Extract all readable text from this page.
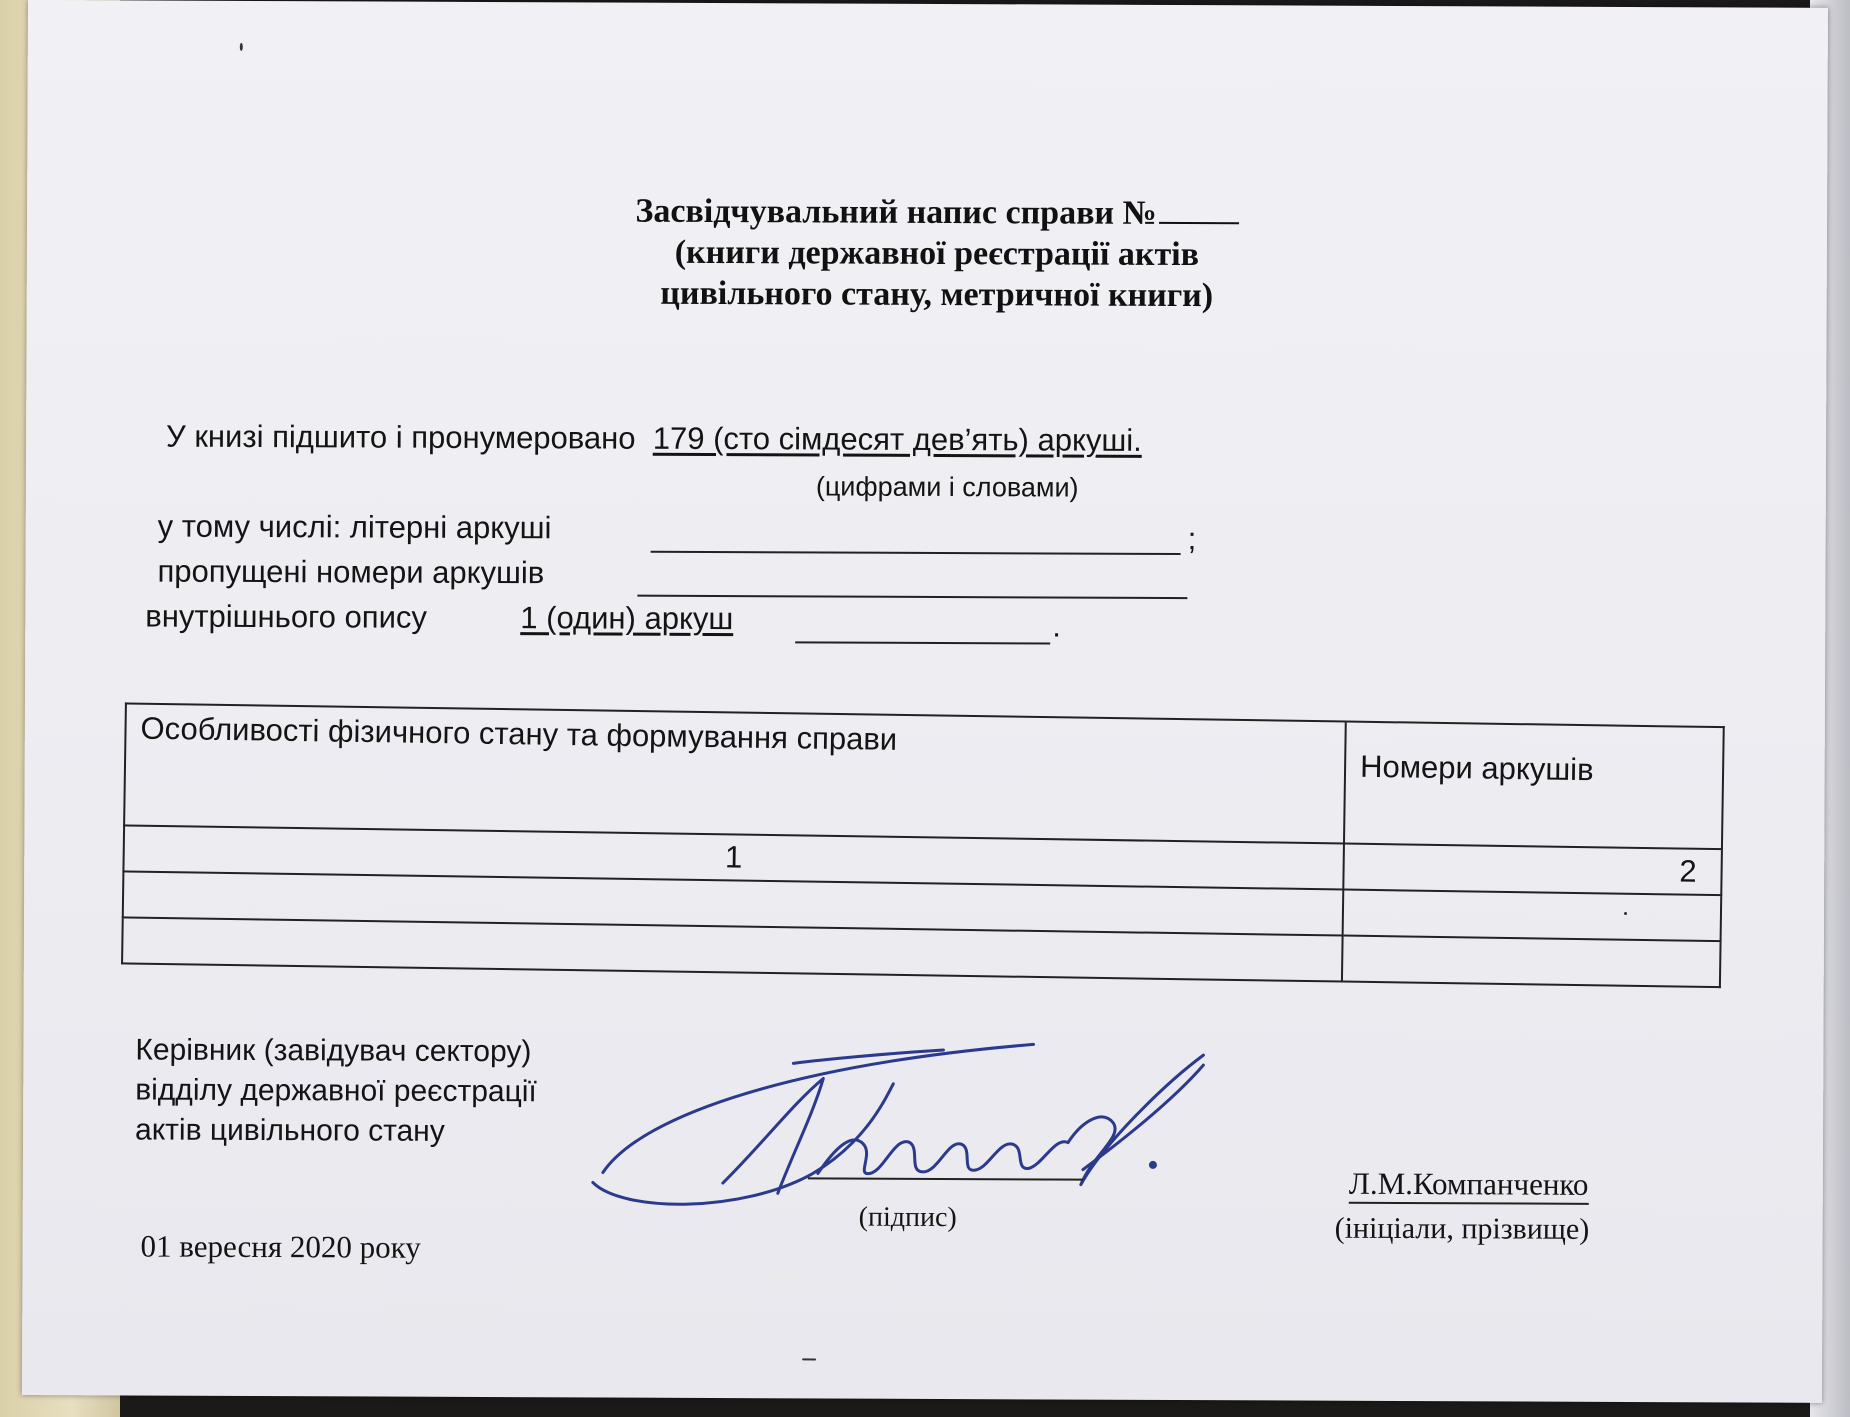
Засвідчувальний напис справи №
(книги державної реєстрації актів
цивільного стану, метричної книги)
У книзі підшито і пронумеровано 179 (сто сімдесят дев’ять) аркуші.
(цифрами і словами)
у тому числі: літерні аркуші	;
пропущені номери аркушів
внутрішнього опису	1 (один) аркуш	.
Особливості фізичного стану та формування справи	Номери аркушів
1	2

Керівник (завідувач сектору)
відділу державної реєстрації
актів цивільного стану
(підпис)
Л.М.Компанченко
(ініціали, прізвище)
01 вересня 2020 року
